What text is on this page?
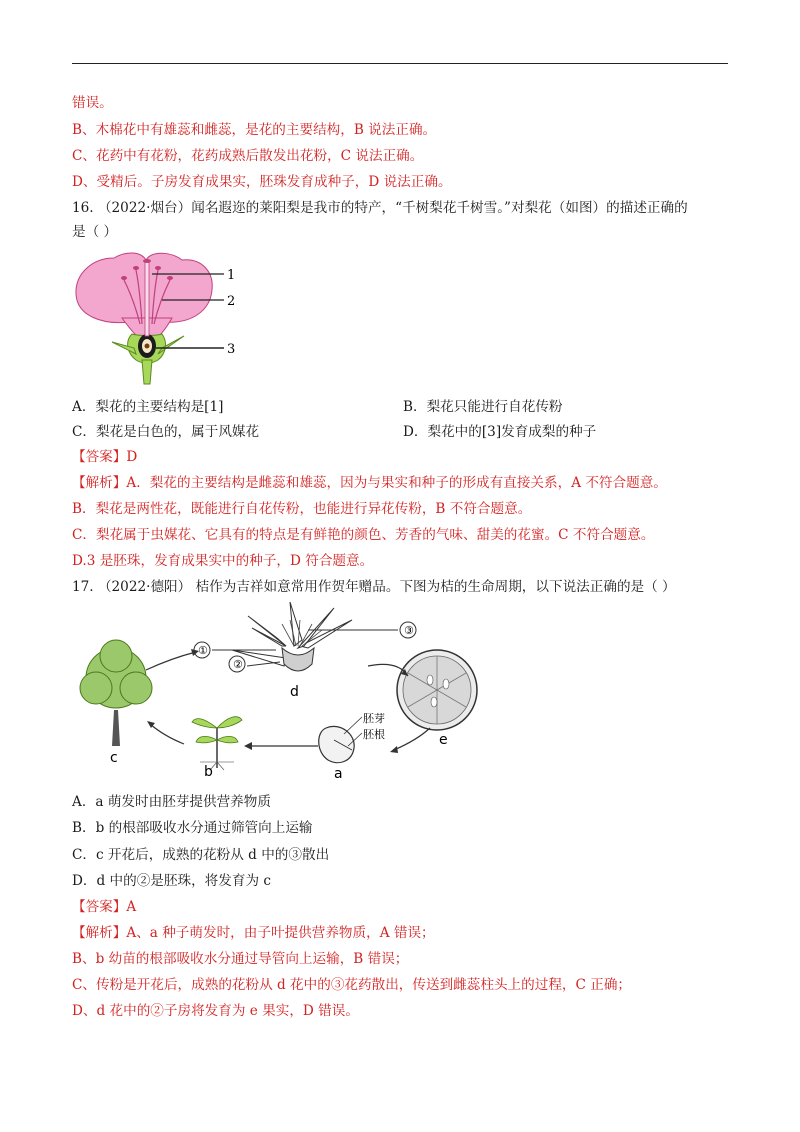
错误。
B、木棉花中有雄蕊和雌蕊，是花的主要结构，B 说法正确。
C、花药中有花粉，花药成熟后散发出花粉，C 说法正确。
D、受精后。子房发育成果实，胚珠发育成种子，D 说法正确。
16. （2022·烟台）闻名遐迩的莱阳梨是我市的特产，“千树梨花千树雪。”对梨花（如图）的描述正确的
是（ ）
1
2
3
A．梨花的主要结构是[1]	B．梨花只能进行自花传粉
C．梨花是白色的，属于风媒花	D．梨花中的[3]发育成梨的种子
【答案】D
【解析】A．梨花的主要结构是雌蕊和雄蕊，因为与果实和种子的形成有直接关系，A 不符合题意。
B．梨花是两性花，既能进行自花传粉，也能进行异花传粉，B 不符合题意。
C．梨花属于虫媒花、它具有的特点是有鲜艳的颜色、芳香的气味、甜美的花蜜。C 不符合题意。
D.3 是胚珠，发育成果实中的种子，D 符合题意。
17. （2022·德阳） 桔作为吉祥如意常用作贺年赠品。下图为桔的生命周期，以下说法正确的是（ ）
d
①
②
③
e
胚芽
胚根
a
b
c
A．a 萌发时由胚芽提供营养物质
B．b 的根部吸收水分通过筛管向上运输
C．c 开花后，成熟的花粉从 d 中的③散出
D．d 中的②是胚珠，将发育为 c
【答案】A
【解析】A、a 种子萌发时，由子叶提供营养物质，A 错误；
B、b 幼苗的根部吸收水分通过导管向上运输，B 错误；
C、传粉是开花后，成熟的花粉从 d 花中的③花药散出，传送到雌蕊柱头上的过程，C 正确；
D、d 花中的②子房将发育为 e 果实，D 错误。
